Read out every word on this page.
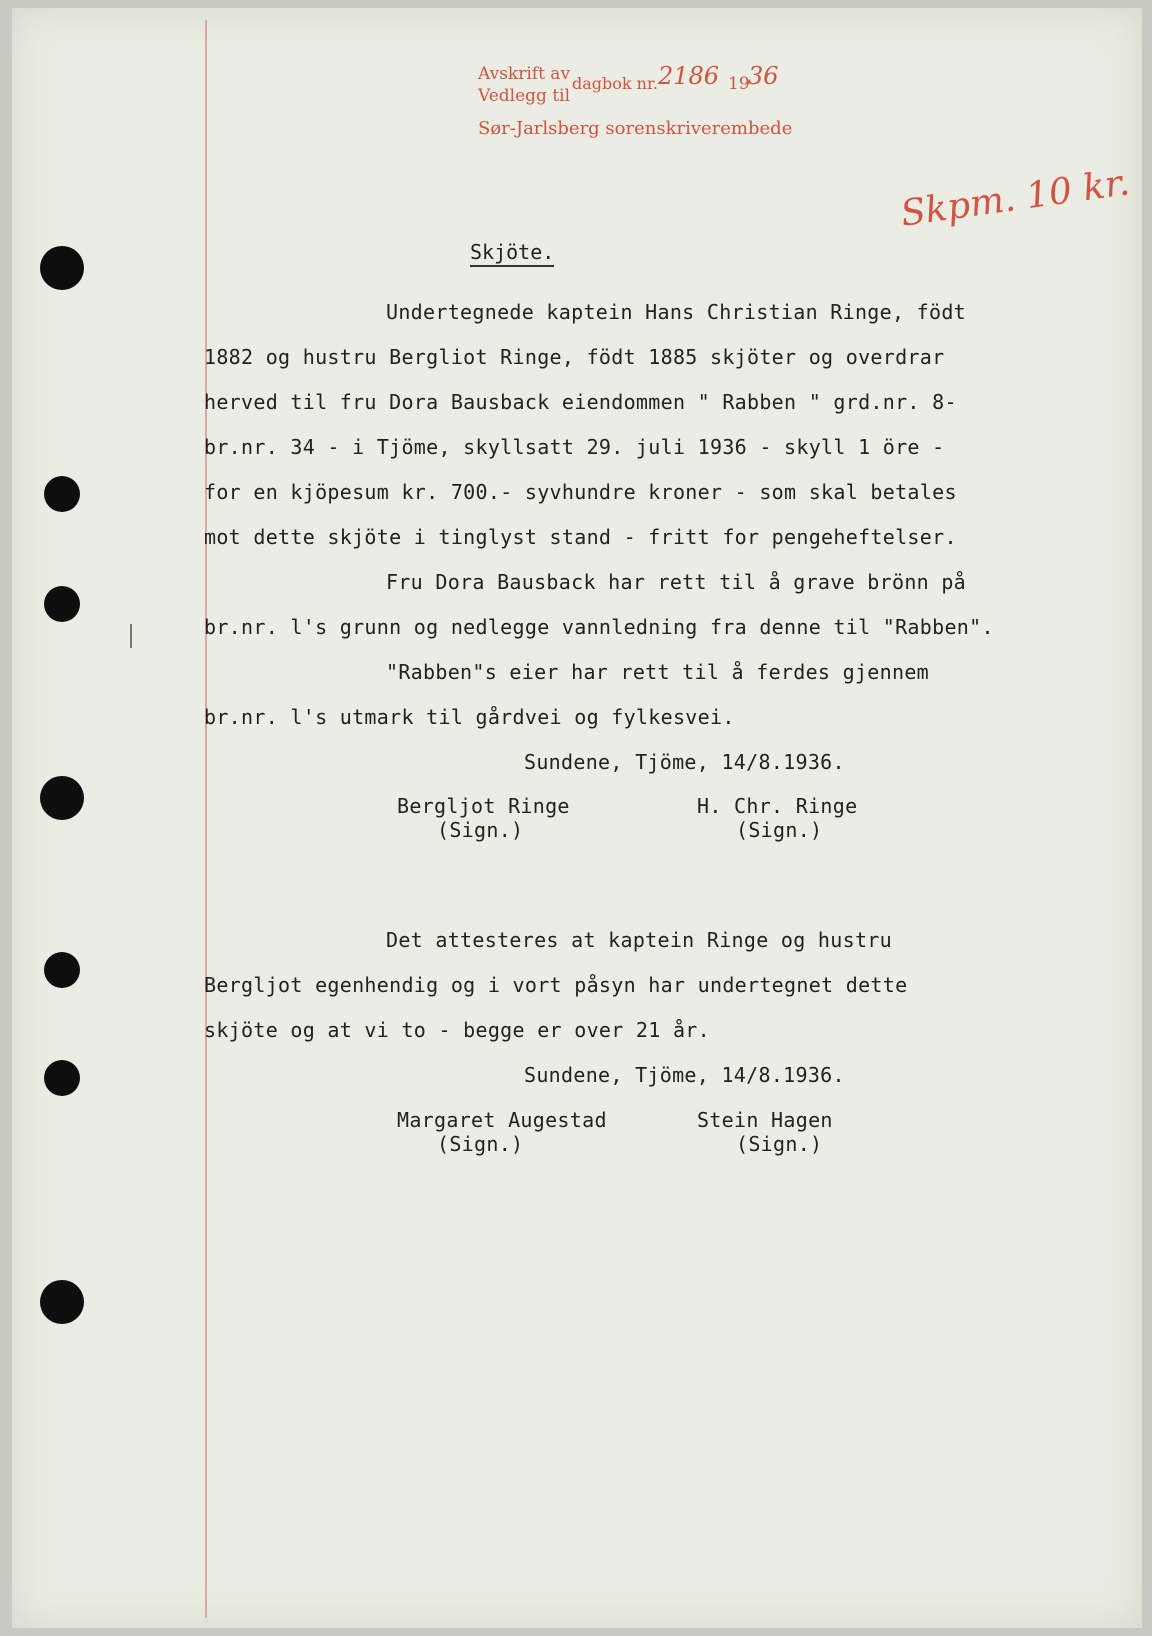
Avskrift av
Vedlegg til
dagbok nr. 2186 19
36
Sør-Jarlsberg sorenskriverembede
Skpm. 10 kr.
Skjöte.
Undertegnede kaptein Hans Christian Ringe, födt
1882 og hustru Bergliot Ringe, födt 1885 skjöter og overdrar
herved til fru Dora Bausback eiendommen " Rabben " grd.nr. 8-
br.nr. 34 - i Tjöme, skyllsatt 29. juli 1936 - skyll 1 öre -
for en kjöpesum kr. 700.- syvhundre kroner - som skal betales
mot dette skjöte i tinglyst stand - fritt for pengeheftelser.
Fru Dora Bausback har rett til å grave brönn på
br.nr. l's grunn og nedlegge vannledning fra denne til "Rabben".
"Rabben"s eier har rett til å ferdes gjennem
br.nr. l's utmark til gårdvei og fylkesvei.
Sundene, Tjöme, 14/8.1936.
Bergljot Ringe
(Sign.)
H. Chr. Ringe
(Sign.)
Det attesteres at kaptein Ringe og hustru
Bergljot egenhendig og i vort påsyn har undertegnet dette
skjöte og at vi to - begge er over 21 år.
Sundene, Tjöme, 14/8.1936.
Margaret Augestad
(Sign.)
Stein Hagen
(Sign.)
